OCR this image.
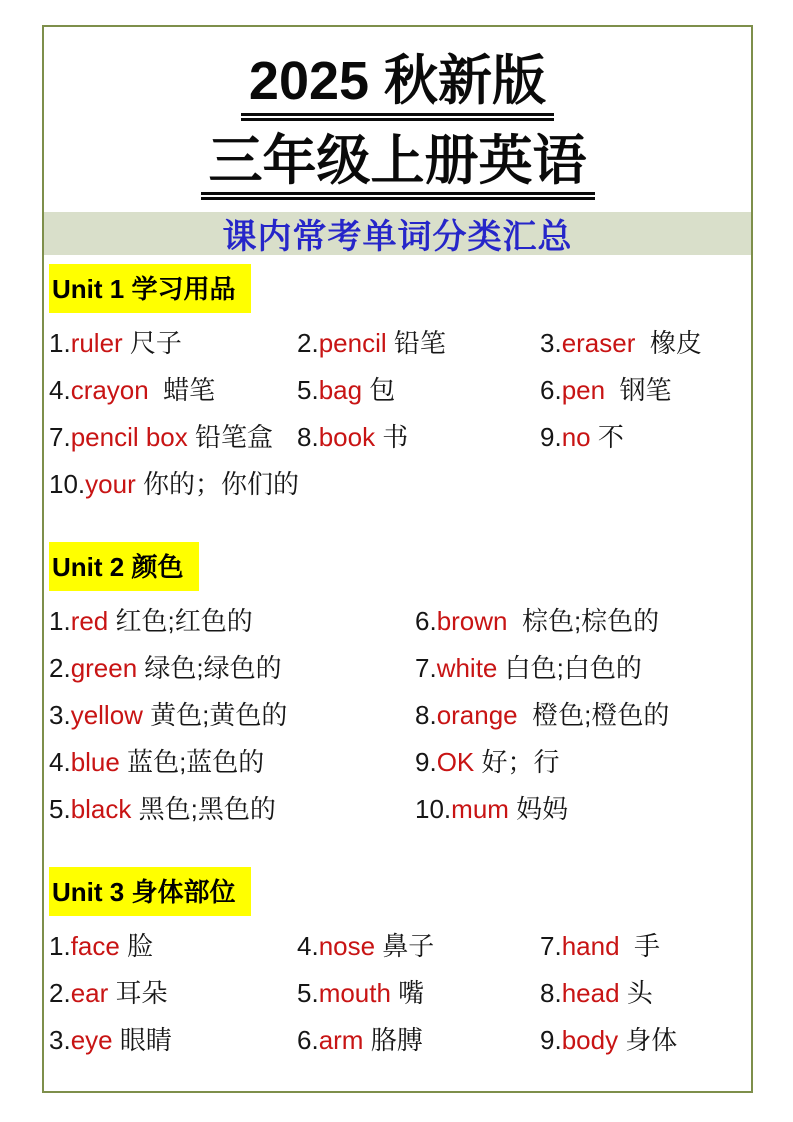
2025 秋新版
三年级上册英语
课内常考单词分类汇总
Unit 1 学习用品
1.ruler 尺子	2.pencil 铅笔	3.eraser  橡皮
4.crayon  蜡笔	5.bag 包	6.pen  钢笔
7.pencil box 铅笔盒 8.book 书	9.no 不
10.your 你的；你们的
Unit 2 颜色
1.red 红色;红色的	6.brown  棕色;棕色的
2.green 绿色;绿色的	7.white 白色;白色的
3.yellow 黄色;黄色的	8.orange  橙色;橙色的
4.blue 蓝色;蓝色的	9.OK 好；行
5.black 黑色;黑色的	10.mum 妈妈
Unit 3 身体部位
1.face 脸	4.nose 鼻子	7.hand  手
2.ear 耳朵	5.mouth 嘴	8.head 头
3.eye 眼睛	6.arm 胳膊	9.body 身体
